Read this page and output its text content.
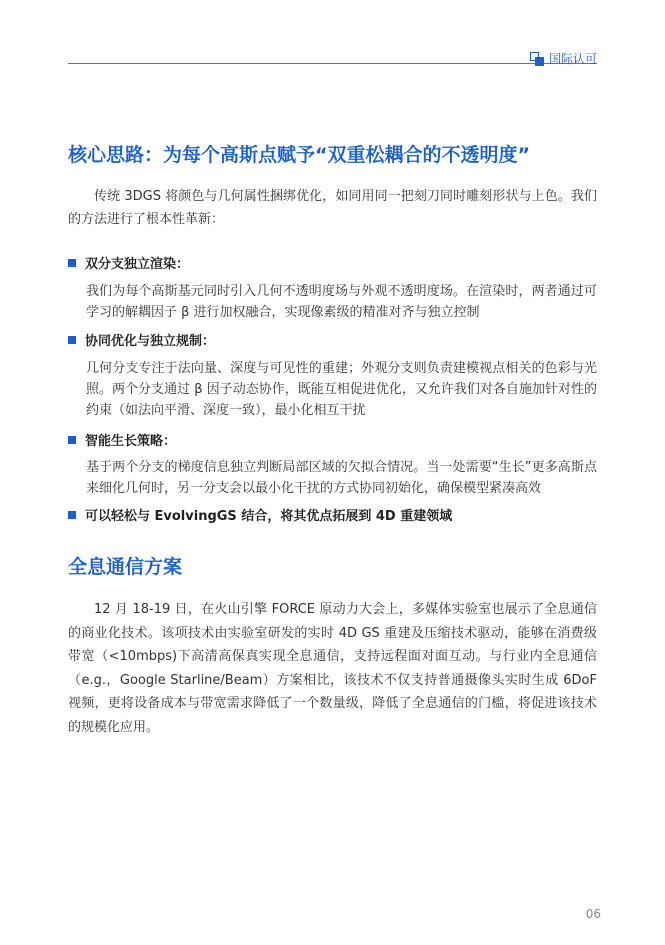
国际认可
核心思路：为每个高斯点赋予“双重松耦合的不透明度”
传统 3DGS 将颜色与几何属性捆绑优化，如同用同一把刻刀同时雕刻形状与上色。我们的方法进行了根本性革新：
双分支独立渲染：
我们为每个高斯基元同时引入几何不透明度场与外观不透明度场。在渲染时，两者通过可学习的解耦因子 β 进行加权融合，实现像素级的精准对齐与独立控制
协同优化与独立规制：
几何分支专注于法向量、深度与可见性的重建；外观分支则负责建模视点相关的色彩与光照。两个分支通过 β 因子动态协作，既能互相促进优化，又允许我们对各自施加针对性的约束（如法向平滑、深度一致），最小化相互干扰
智能生长策略：
基于两个分支的梯度信息独立判断局部区域的欠拟合情况。当一处需要“生长”更多高斯点来细化几何时，另一分支会以最小化干扰的方式协同初始化，确保模型紧凑高效
可以轻松与 EvolvingGS 结合，将其优点拓展到 4D 重建领域
全息通信方案
12 月 18-19 日，在火山引擎 FORCE 原动力大会上，多媒体实验室也展示了全息通信的商业化技术。该项技术由实验室研发的实时 4D GS 重建及压缩技术驱动，能够在消费级带宽（<10mbps)下高清高保真实现全息通信，支持远程面对面互动。与行业内全息通信（e.g.，Google Starline/Beam）方案相比，该技术不仅支持普通摄像头实时生成 6DoF 视频，更将设备成本与带宽需求降低了一个数量级，降低了全息通信的门槛，将促进该技术的规模化应用。
06
